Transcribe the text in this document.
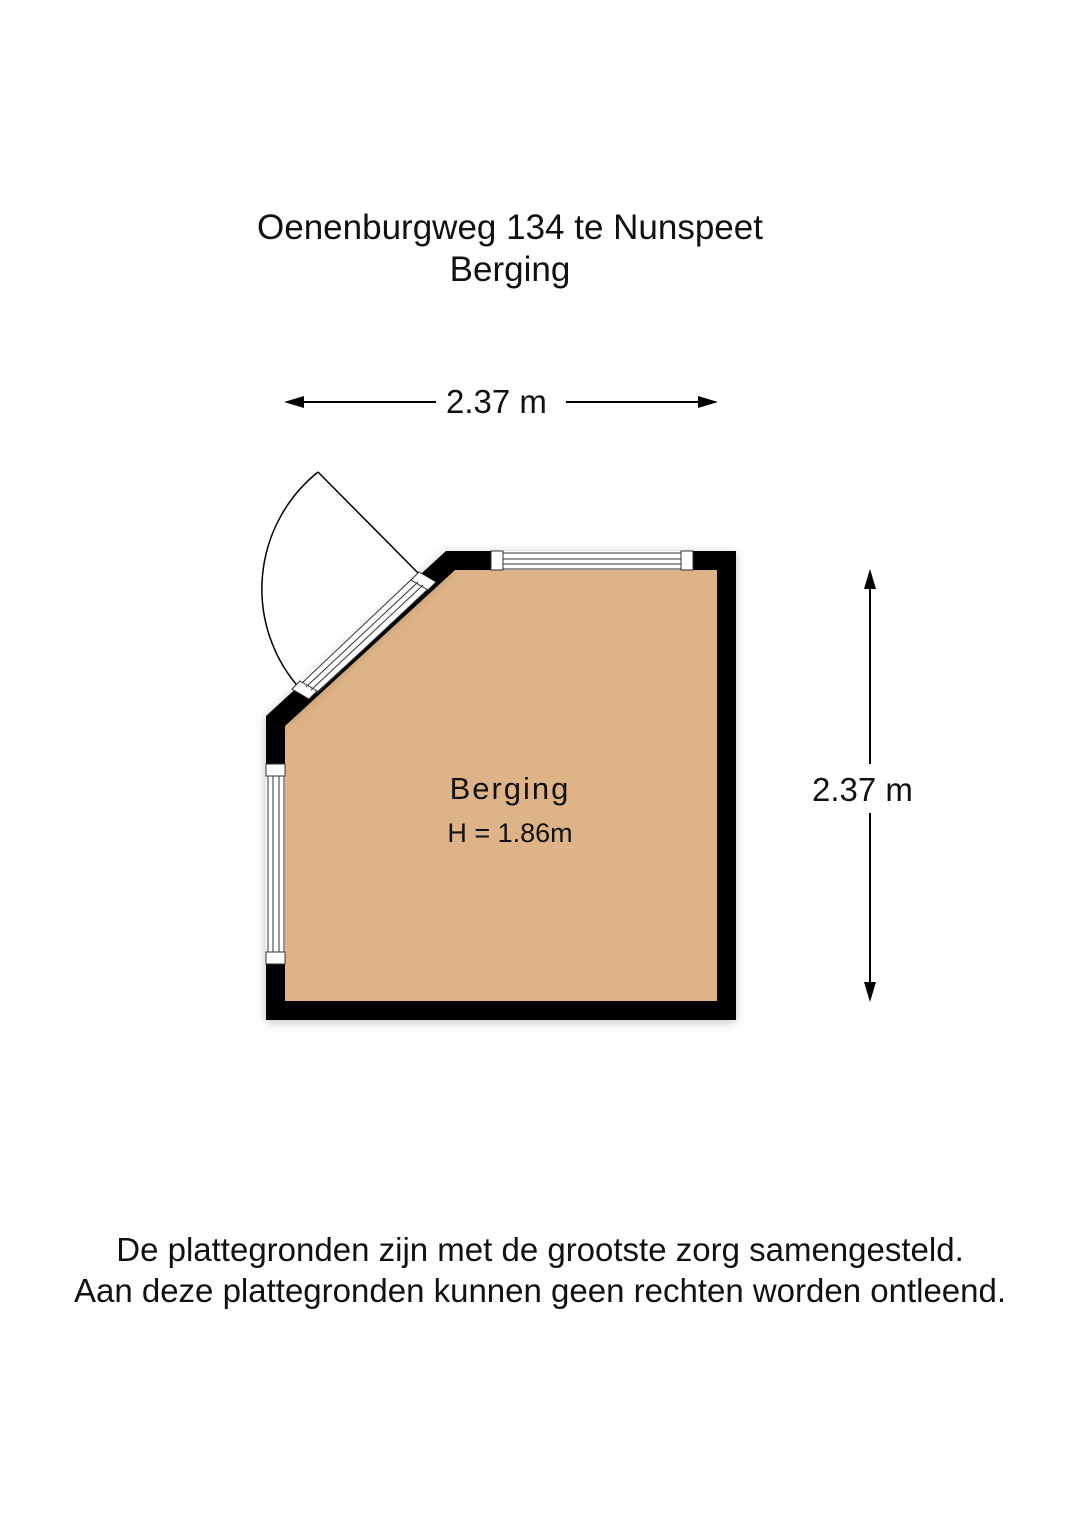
Oenenburgweg 134 te Nunspeet
Berging
2.37 m
2.37 m
Berging
H = 1.86m
De plattegronden zijn met de grootste zorg samengesteld.
Aan deze plattegronden kunnen geen rechten worden ontleend.
